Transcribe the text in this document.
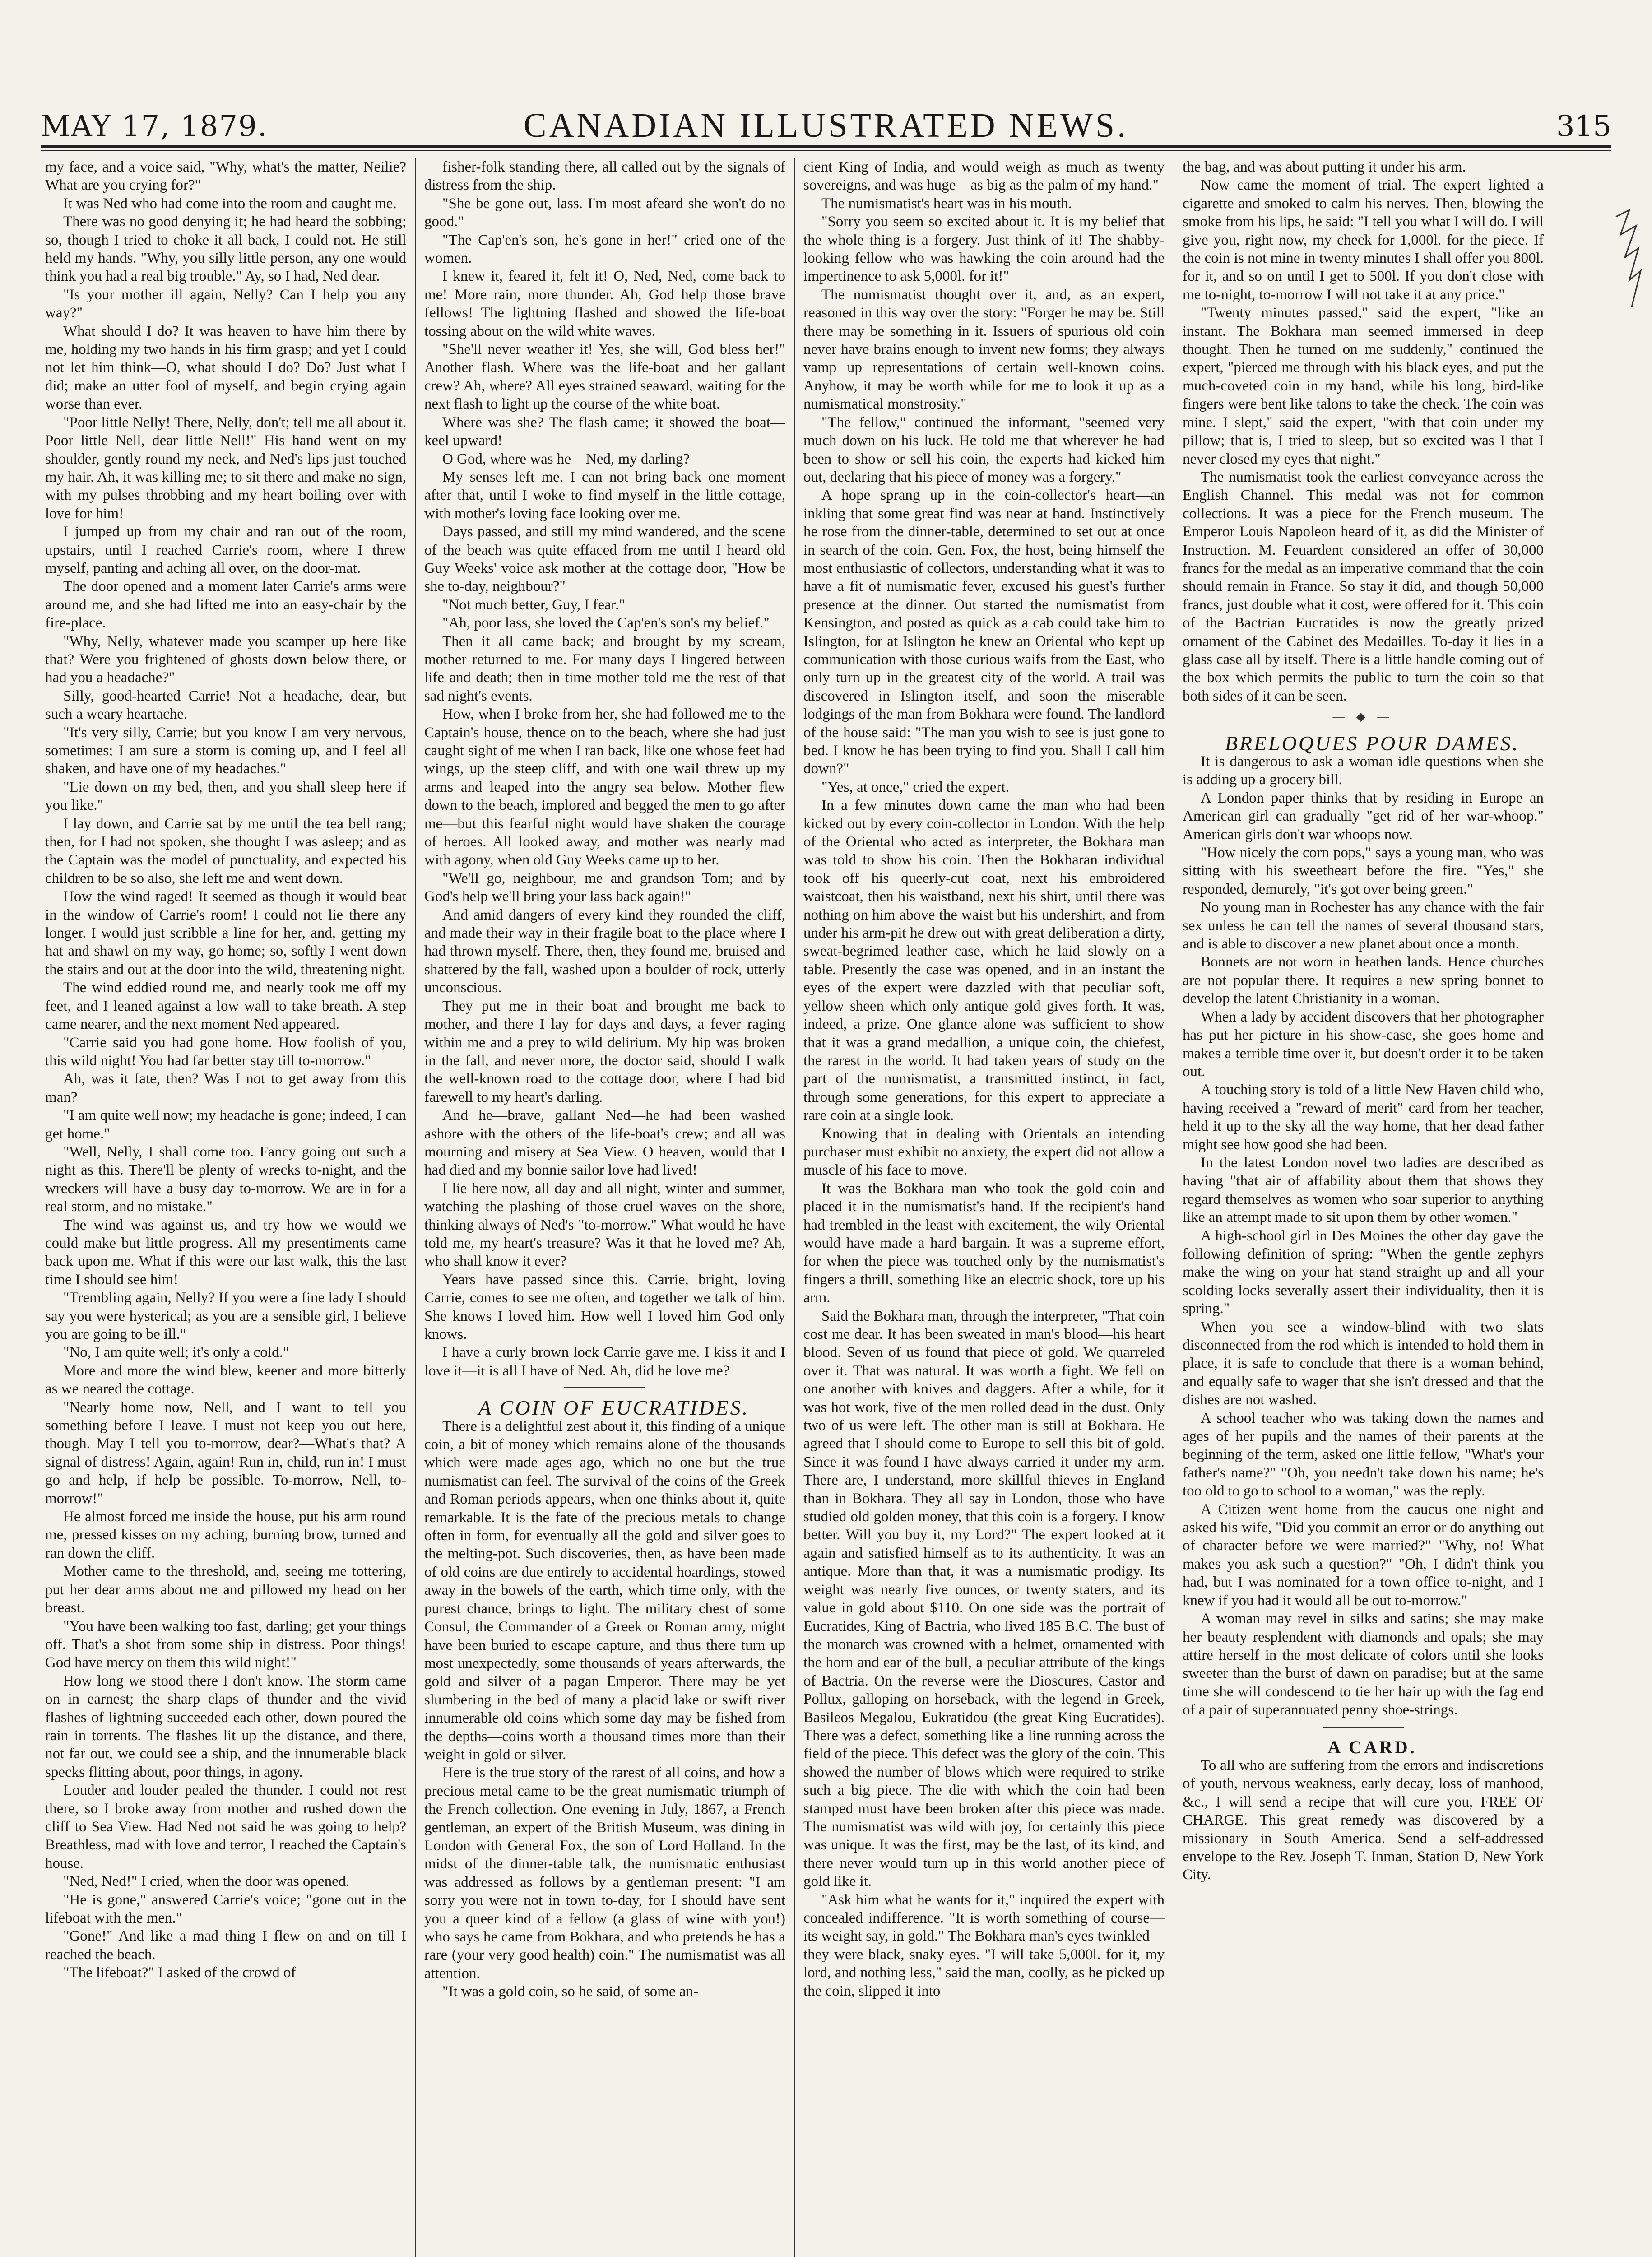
MAY 17, 1879.	CANADIAN ILLUSTRATED NEWS.	315

my face, and a voice said, "Why, what's the matter, Neilie? What are you crying for?"

It was Ned who had come into the room and caught me.

There was no good denying it; he had heard the sobbing; so, though I tried to choke it all back, I could not. He still held my hands. "Why, you silly little person, any one would think you had a real big trouble." Ay, so I had, Ned dear.

"Is your mother ill again, Nelly? Can I help you any way?"

What should I do? It was heaven to have him there by me, holding my two hands in his firm grasp; and yet I could not let him think—O, what should I do? Do? Just what I did; make an utter fool of myself, and begin crying again worse than ever.

"Poor little Nelly! There, Nelly, don't; tell me all about it. Poor little Nell, dear little Nell!" His hand went on my shoulder, gently round my neck, and Ned's lips just touched my hair. Ah, it was killing me; to sit there and make no sign, with my pulses throbbing and my heart boiling over with love for him!

I jumped up from my chair and ran out of the room, upstairs, until I reached Carrie's room, where I threw myself, panting and aching all over, on the door-mat.

The door opened and a moment later Carrie's arms were around me, and she had lifted me into an easy-chair by the fire-place.

"Why, Nelly, whatever made you scamper up here like that? Were you frightened of ghosts down below there, or had you a headache?"

Silly, good-hearted Carrie! Not a headache, dear, but such a weary heartache.

"It's very silly, Carrie; but you know I am very nervous, sometimes; I am sure a storm is coming up, and I feel all shaken, and have one of my headaches."

"Lie down on my bed, then, and you shall sleep here if you like."

I lay down, and Carrie sat by me until the tea bell rang; then, for I had not spoken, she thought I was asleep; and as the Captain was the model of punctuality, and expected his children to be so also, she left me and went down.

How the wind raged! It seemed as though it would beat in the window of Carrie's room! I could not lie there any longer. I would just scribble a line for her, and, getting my hat and shawl on my way, go home; so, softly I went down the stairs and out at the door into the wild, threatening night.

The wind eddied round me, and nearly took me off my feet, and I leaned against a low wall to take breath. A step came nearer, and the next moment Ned appeared.

"Carrie said you had gone home. How foolish of you, this wild night! You had far better stay till to-morrow."

Ah, was it fate, then? Was I not to get away from this man?

"I am quite well now; my headache is gone; indeed, I can get home."

"Well, Nelly, I shall come too. Fancy going out such a night as this. There'll be plenty of wrecks to-night, and the wreckers will have a busy day to-morrow. We are in for a real storm, and no mistake."

The wind was against us, and try how we would we could make but little progress. All my presentiments came back upon me. What if this were our last walk, this the last time I should see him!

"Trembling again, Nelly? If you were a fine lady I should say you were hysterical; as you are a sensible girl, I believe you are going to be ill."

"No, I am quite well; it's only a cold."

More and more the wind blew, keener and more bitterly as we neared the cottage.

"Nearly home now, Nell, and I want to tell you something before I leave. I must not keep you out here, though. May I tell you to-morrow, dear?—What's that? A signal of distress! Again, again! Run in, child, run in! I must go and help, if help be possible. To-morrow, Nell, to-morrow!"

He almost forced me inside the house, put his arm round me, pressed kisses on my aching, burning brow, turned and ran down the cliff.

Mother came to the threshold, and, seeing me tottering, put her dear arms about me and pillowed my head on her breast.

"You have been walking too fast, darling; get your things off. That's a shot from some ship in distress. Poor things! God have mercy on them this wild night!"

How long we stood there I don't know. The storm came on in earnest; the sharp claps of thunder and the vivid flashes of lightning succeeded each other, down poured the rain in torrents. The flashes lit up the distance, and there, not far out, we could see a ship, and the innumerable black specks flitting about, poor things, in agony.

Louder and louder pealed the thunder. I could not rest there, so I broke away from mother and rushed down the cliff to Sea View. Had Ned not said he was going to help? Breathless, mad with love and terror, I reached the Captain's house.

"Ned, Ned!" I cried, when the door was opened.

"He is gone," answered Carrie's voice; "gone out in the lifeboat with the men."

"Gone!" And like a mad thing I flew on and on till I reached the beach.

"The lifeboat?" I asked of the crowd of

fisher-folk standing there, all called out by the signals of distress from the ship.

"She be gone out, lass. I'm most afeard she won't do no good."

"The Cap'en's son, he's gone in her!" cried one of the women.

I knew it, feared it, felt it! O, Ned, Ned, come back to me! More rain, more thunder. Ah, God help those brave fellows! The lightning flashed and showed the life-boat tossing about on the wild white waves.

"She'll never weather it! Yes, she will, God bless her!" Another flash. Where was the life-boat and her gallant crew? Ah, where? All eyes strained seaward, waiting for the next flash to light up the course of the white boat.

Where was she? The flash came; it showed the boat—keel upward!

O God, where was he—Ned, my darling?

My senses left me. I can not bring back one moment after that, until I woke to find myself in the little cottage, with mother's loving face looking over me.

Days passed, and still my mind wandered, and the scene of the beach was quite effaced from me until I heard old Guy Weeks' voice ask mother at the cottage door, "How be she to-day, neighbour?"

"Not much better, Guy, I fear."

"Ah, poor lass, she loved the Cap'en's son's my belief."

Then it all came back; and brought by my scream, mother returned to me. For many days I lingered between life and death; then in time mother told me the rest of that sad night's events.

How, when I broke from her, she had followed me to the Captain's house, thence on to the beach, where she had just caught sight of me when I ran back, like one whose feet had wings, up the steep cliff, and with one wail threw up my arms and leaped into the angry sea below. Mother flew down to the beach, implored and begged the men to go after me—but this fearful night would have shaken the courage of heroes. All looked away, and mother was nearly mad with agony, when old Guy Weeks came up to her.

"We'll go, neighbour, me and grandson Tom; and by God's help we'll bring your lass back again!"

And amid dangers of every kind they rounded the cliff, and made their way in their fragile boat to the place where I had thrown myself. There, then, they found me, bruised and shattered by the fall, washed upon a boulder of rock, utterly unconscious.

They put me in their boat and brought me back to mother, and there I lay for days and days, a fever raging within me and a prey to wild delirium. My hip was broken in the fall, and never more, the doctor said, should I walk the well-known road to the cottage door, where I had bid farewell to my heart's darling.

And he—brave, gallant Ned—he had been washed ashore with the others of the life-boat's crew; and all was mourning and misery at Sea View. O heaven, would that I had died and my bonnie sailor love had lived!

I lie here now, all day and all night, winter and summer, watching the plashing of those cruel waves on the shore, thinking always of Ned's "to-morrow." What would he have told me, my heart's treasure? Was it that he loved me? Ah, who shall know it ever?

Years have passed since this. Carrie, bright, loving Carrie, comes to see me often, and together we talk of him. She knows I loved him. How well I loved him God only knows.

I have a curly brown lock Carrie gave me. I kiss it and I love it—it is all I have of Ned. Ah, did he love me?

A COIN OF EUCRATIDES.

There is a delightful zest about it, this finding of a unique coin, a bit of money which remains alone of the thousands which were made ages ago, which no one but the true numismatist can feel. The survival of the coins of the Greek and Roman periods appears, when one thinks about it, quite remarkable. It is the fate of the precious metals to change often in form, for eventually all the gold and silver goes to the melting-pot. Such discoveries, then, as have been made of old coins are due entirely to accidental hoardings, stowed away in the bowels of the earth, which time only, with the purest chance, brings to light. The military chest of some Consul, the Commander of a Greek or Roman army, might have been buried to escape capture, and thus there turn up most unexpectedly, some thousands of years afterwards, the gold and silver of a pagan Emperor. There may be yet slumbering in the bed of many a placid lake or swift river innumerable old coins which some day may be fished from the depths—coins worth a thousand times more than their weight in gold or silver.

Here is the true story of the rarest of all coins, and how a precious metal came to be the great numismatic triumph of the French collection. One evening in July, 1867, a French gentleman, an expert of the British Museum, was dining in London with General Fox, the son of Lord Holland. In the midst of the dinner-table talk, the numismatic enthusiast was addressed as follows by a gentleman present: "I am sorry you were not in town to-day, for I should have sent you a queer kind of a fellow (a glass of wine with you!) who says he came from Bokhara, and who pretends he has a rare (your very good health) coin." The numismatist was all attention.

"It was a gold coin, so he said, of some an-

cient King of India, and would weigh as much as twenty sovereigns, and was huge—as big as the palm of my hand."

The numismatist's heart was in his mouth.

"Sorry you seem so excited about it. It is my belief that the whole thing is a forgery. Just think of it! The shabby-looking fellow who was hawking the coin around had the impertinence to ask 5,000l. for it!"

The numismatist thought over it, and, as an expert, reasoned in this way over the story: "Forger he may be. Still there may be something in it. Issuers of spurious old coin never have brains enough to invent new forms; they always vamp up representations of certain well-known coins. Anyhow, it may be worth while for me to look it up as a numismatical monstrosity."

"The fellow," continued the informant, "seemed very much down on his luck. He told me that wherever he had been to show or sell his coin, the experts had kicked him out, declaring that his piece of money was a forgery."

A hope sprang up in the coin-collector's heart—an inkling that some great find was near at hand. Instinctively he rose from the dinner-table, determined to set out at once in search of the coin. Gen. Fox, the host, being himself the most enthusiastic of collectors, understanding what it was to have a fit of numismatic fever, excused his guest's further presence at the dinner. Out started the numismatist from Kensington, and posted as quick as a cab could take him to Islington, for at Islington he knew an Oriental who kept up communication with those curious waifs from the East, who only turn up in the greatest city of the world. A trail was discovered in Islington itself, and soon the miserable lodgings of the man from Bokhara were found. The landlord of the house said: "The man you wish to see is just gone to bed. I know he has been trying to find you. Shall I call him down?"

"Yes, at once," cried the expert.

In a few minutes down came the man who had been kicked out by every coin-collector in London. With the help of the Oriental who acted as interpreter, the Bokhara man was told to show his coin. Then the Bokharan individual took off his queerly-cut coat, next his embroidered waistcoat, then his waistband, next his shirt, until there was nothing on him above the waist but his undershirt, and from under his arm-pit he drew out with great deliberation a dirty, sweat-begrimed leather case, which he laid slowly on a table. Presently the case was opened, and in an instant the eyes of the expert were dazzled with that peculiar soft, yellow sheen which only antique gold gives forth. It was, indeed, a prize. One glance alone was sufficient to show that it was a grand medallion, a unique coin, the chiefest, the rarest in the world. It had taken years of study on the part of the numismatist, a transmitted instinct, in fact, through some generations, for this expert to appreciate a rare coin at a single look.

Knowing that in dealing with Orientals an intending purchaser must exhibit no anxiety, the expert did not allow a muscle of his face to move.

It was the Bokhara man who took the gold coin and placed it in the numismatist's hand. If the recipient's hand had trembled in the least with excitement, the wily Oriental would have made a hard bargain. It was a supreme effort, for when the piece was touched only by the numismatist's fingers a thrill, something like an electric shock, tore up his arm.

Said the Bokhara man, through the interpreter, "That coin cost me dear. It has been sweated in man's blood—his heart blood. Seven of us found that piece of gold. We quarreled over it. That was natural. It was worth a fight. We fell on one another with knives and daggers. After a while, for it was hot work, five of the men rolled dead in the dust. Only two of us were left. The other man is still at Bokhara. He agreed that I should come to Europe to sell this bit of gold. Since it was found I have always carried it under my arm. There are, I understand, more skillful thieves in England than in Bokhara. They all say in London, those who have studied old golden money, that this coin is a forgery. I know better. Will you buy it, my Lord?" The expert looked at it again and satisfied himself as to its authenticity. It was an antique. More than that, it was a numismatic prodigy. Its weight was nearly five ounces, or twenty staters, and its value in gold about $110. On one side was the portrait of Eucratides, King of Bactria, who lived 185 B.C. The bust of the monarch was crowned with a helmet, ornamented with the horn and ear of the bull, a peculiar attribute of the kings of Bactria. On the reverse were the Dioscures, Castor and Pollux, galloping on horseback, with the legend in Greek, Basileos Megalou, Eukratidou (the great King Eucratides). There was a defect, something like a line running across the field of the piece. This defect was the glory of the coin. This showed the number of blows which were required to strike such a big piece. The die with which the coin had been stamped must have been broken after this piece was made. The numismatist was wild with joy, for certainly this piece was unique. It was the first, may be the last, of its kind, and there never would turn up in this world another piece of gold like it.

"Ask him what he wants for it," inquired the expert with concealed indifference. "It is worth something of course—its weight say, in gold." The Bokhara man's eyes twinkled—they were black, snaky eyes. "I will take 5,000l. for it, my lord, and nothing less," said the man, coolly, as he picked up the coin, slipped it into

the bag, and was about putting it under his arm.

Now came the moment of trial. The expert lighted a cigarette and smoked to calm his nerves. Then, blowing the smoke from his lips, he said: "I tell you what I will do. I will give you, right now, my check for 1,000l. for the piece. If the coin is not mine in twenty minutes I shall offer you 800l. for it, and so on until I get to 500l. If you don't close with me to-night, to-morrow I will not take it at any price."

"Twenty minutes passed," said the expert, "like an instant. The Bokhara man seemed immersed in deep thought. Then he turned on me suddenly," continued the expert, "pierced me through with his black eyes, and put the much-coveted coin in my hand, while his long, bird-like fingers were bent like talons to take the check. The coin was mine. I slept," said the expert, "with that coin under my pillow; that is, I tried to sleep, but so excited was I that I never closed my eyes that night."

The numismatist took the earliest conveyance across the English Channel. This medal was not for common collections. It was a piece for the French museum. The Emperor Louis Napoleon heard of it, as did the Minister of Instruction. M. Feuardent considered an offer of 30,000 francs for the medal as an imperative command that the coin should remain in France. So stay it did, and though 50,000 francs, just double what it cost, were offered for it. This coin of the Bactrian Eucratides is now the greatly prized ornament of the Cabinet des Medailles. To-day it lies in a glass case all by itself. There is a little handle coming out of the box which permits the public to turn the coin so that both sides of it can be seen.

— ◆ —

BRELOQUES POUR DAMES.

It is dangerous to ask a woman idle questions when she is adding up a grocery bill.

A London paper thinks that by residing in Europe an American girl can gradually "get rid of her war-whoop." American girls don't war whoops now.

"How nicely the corn pops," says a young man, who was sitting with his sweetheart before the fire. "Yes," she responded, demurely, "it's got over being green."

No young man in Rochester has any chance with the fair sex unless he can tell the names of several thousand stars, and is able to discover a new planet about once a month.

Bonnets are not worn in heathen lands. Hence churches are not popular there. It requires a new spring bonnet to develop the latent Christianity in a woman.

When a lady by accident discovers that her photographer has put her picture in his show-case, she goes home and makes a terrible time over it, but doesn't order it to be taken out.

A touching story is told of a little New Haven child who, having received a "reward of merit" card from her teacher, held it up to the sky all the way home, that her dead father might see how good she had been.

In the latest London novel two ladies are described as having "that air of affability about them that shows they regard themselves as women who soar superior to anything like an attempt made to sit upon them by other women."

A high-school girl in Des Moines the other day gave the following definition of spring: "When the gentle zephyrs make the wing on your hat stand straight up and all your scolding locks severally assert their individuality, then it is spring."

When you see a window-blind with two slats disconnected from the rod which is intended to hold them in place, it is safe to conclude that there is a woman behind, and equally safe to wager that she isn't dressed and that the dishes are not washed.

A school teacher who was taking down the names and ages of her pupils and the names of their parents at the beginning of the term, asked one little fellow, "What's your father's name?" "Oh, you needn't take down his name; he's too old to go to school to a woman," was the reply.

A Citizen went home from the caucus one night and asked his wife, "Did you commit an error or do anything out of character before we were married?" "Why, no! What makes you ask such a question?" "Oh, I didn't think you had, but I was nominated for a town office to-night, and I knew if you had it would all be out to-morrow."

A woman may revel in silks and satins; she may make her beauty resplendent with diamonds and opals; she may attire herself in the most delicate of colors until she looks sweeter than the burst of dawn on paradise; but at the same time she will condescend to tie her hair up with the fag end of a pair of superannuated penny shoe-strings.

A CARD.

To all who are suffering from the errors and indiscretions of youth, nervous weakness, early decay, loss of manhood, &c., I will send a recipe that will cure you, FREE OF CHARGE. This great remedy was discovered by a missionary in South America. Send a self-addressed envelope to the Rev. Joseph T. Inman, Station D, New York City.
